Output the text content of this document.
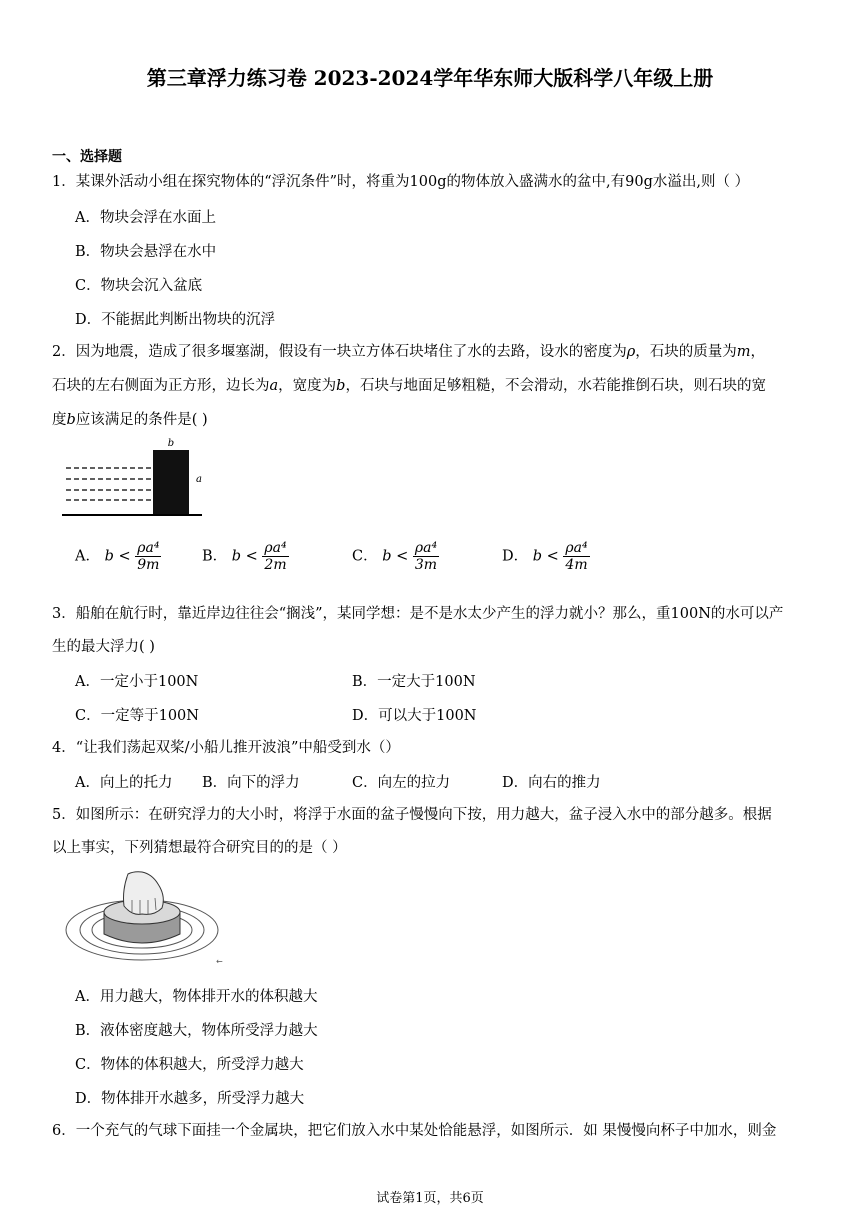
第三章浮力练习卷 2023-2024学年华东师大版科学八年级上册
一、选择题
1．某课外活动小组在探究物体的“浮沉条件”时，将重为100g的物体放入盛满水的盆中,有90g水溢出,则（ ）
A．物块会浮在水面上
B．物块会悬浮在水中
C．物块会沉入盆底
D．不能据此判断出物块的沉浮
2．因为地震，造成了很多堰塞湖，假设有一块立方体石块堵住了水的去路，设水的密度为ρ，石块的质量为m，
石块的左右侧面为正方形，边长为a，宽度为b，石块与地面足够粗糙，不会滑动，水若能推倒石块，则石块的宽
度b应该满足的条件是( )
b
a
A． $b < \frac{\text{ρa⁴}}{9m}$	B． $b < \frac{\text{ρa⁴}}{2m}$	C． $b < \frac{\text{ρa⁴}}{3m}$	D． $b < \frac{\text{ρa⁴}}{4m}$
3．船舶在航行时，靠近岸边往往会“搁浅”，某同学想：是不是水太少产生的浮力就小？那么，重100N的水可以产
生的最大浮力( )
A．一定小于100N	B．一定大于100N
C．一定等于100N	D．可以大于100N
4．“让我们荡起双桨/小船儿推开波浪”中船受到水（）
A．向上的托力 B．向下的浮力	C．向左的拉力	D．向右的推力
5．如图所示：在研究浮力的大小时，将浮于水面的盆子慢慢向下按，用力越大，盆子浸入水中的部分越多。根据
以上事实，下列猜想最符合研究目的的是（ ）
←
A．用力越大，物体排开水的体积越大
B．液体密度越大，物体所受浮力越大
C．物体的体积越大，所受浮力越大
D．物体排开水越多，所受浮力越大
6．一个充气的气球下面挂一个金属块，把它们放入水中某处恰能悬浮，如图所示．如 果慢慢向杯子中加水，则金
试卷第1页，共6页
